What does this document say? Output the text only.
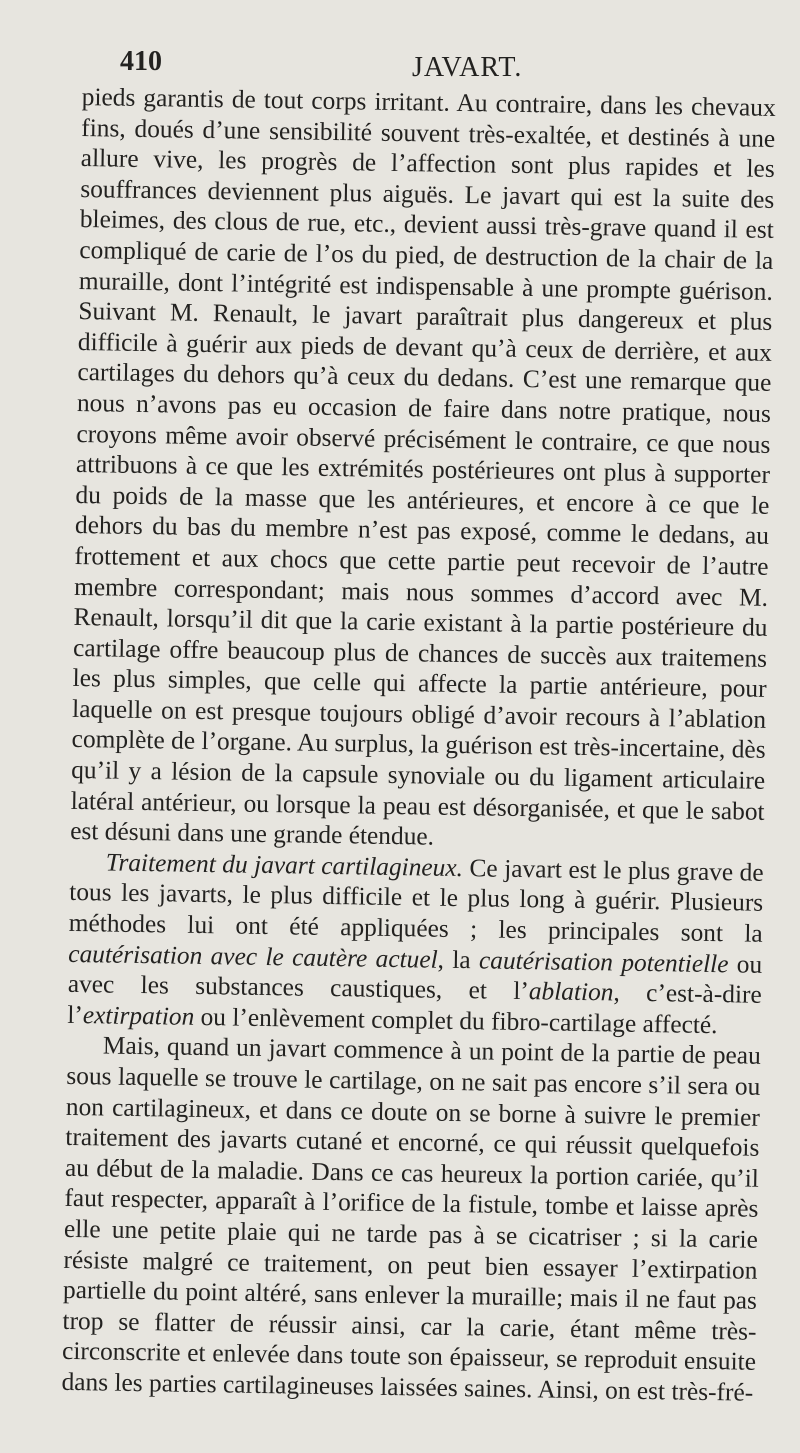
410	JAVART.

pieds garantis de tout corps irritant. Au contraire, dans les chevaux fins, doués d’une sensibilité souvent très-exaltée, et destinés à une allure vive, les progrès de l’affection sont plus rapides et les souffrances deviennent plus aiguës. Le javart qui est la suite des bleimes, des clous de rue, etc., devient aussi très-grave quand il est compliqué de carie de l’os du pied, de destruction de la chair de la muraille, dont l’intégrité est indispensable à une prompte guérison. Suivant M. Renault, le javart paraîtrait plus dangereux et plus difficile à guérir aux pieds de devant qu’à ceux de derrière, et aux cartilages du dehors qu’à ceux du dedans. C’est une remarque que nous n’avons pas eu occasion de faire dans notre pratique, nous croyons même avoir observé précisément le contraire, ce que nous attribuons à ce que les extrémités postérieures ont plus à supporter du poids de la masse que les antérieures, et encore à ce que le dehors du bas du membre n’est pas exposé, comme le dedans, au frottement et aux chocs que cette partie peut recevoir de l’autre membre correspondant; mais nous sommes d’accord avec M. Renault, lorsqu’il dit que la carie existant à la partie postérieure du cartilage offre beaucoup plus de chances de succès aux traitemens les plus simples, que celle qui affecte la partie antérieure, pour laquelle on est presque toujours obligé d’avoir recours à l’ablation complète de l’organe. Au surplus, la guérison est très-incertaine, dès qu’il y a lésion de la capsule synoviale ou du ligament articulaire latéral antérieur, ou lorsque la peau est désorganisée, et que le sabot est désuni dans une grande étendue.

Traitement du javart cartilagineux. Ce javart est le plus grave de tous les javarts, le plus difficile et le plus long à guérir. Plusieurs méthodes lui ont été appliquées ; les principales sont la cautérisation avec le cautère actuel, la cautérisation potentielle ou avec les substances caustiques, et l’ablation, c’est-à-dire l’extirpation ou l’enlèvement complet du fibro-cartilage affecté.

Mais, quand un javart commence à un point de la partie de peau sous laquelle se trouve le cartilage, on ne sait pas encore s’il sera ou non cartilagineux, et dans ce doute on se borne à suivre le premier traitement des javarts cutané et encorné, ce qui réussit quelquefois au début de la maladie. Dans ce cas heureux la portion cariée, qu’il faut respecter, apparaît à l’orifice de la fistule, tombe et laisse après elle une petite plaie qui ne tarde pas à se cicatriser ; si la carie résiste malgré ce traitement, on peut bien essayer l’extirpation partielle du point altéré, sans enlever la muraille; mais il ne faut pas trop se flatter de réussir ainsi, car la carie, étant même très-circonscrite et enlevée dans toute son épaisseur, se reproduit ensuite dans les parties cartilagineuses laissées saines. Ainsi, on est très-fré-
